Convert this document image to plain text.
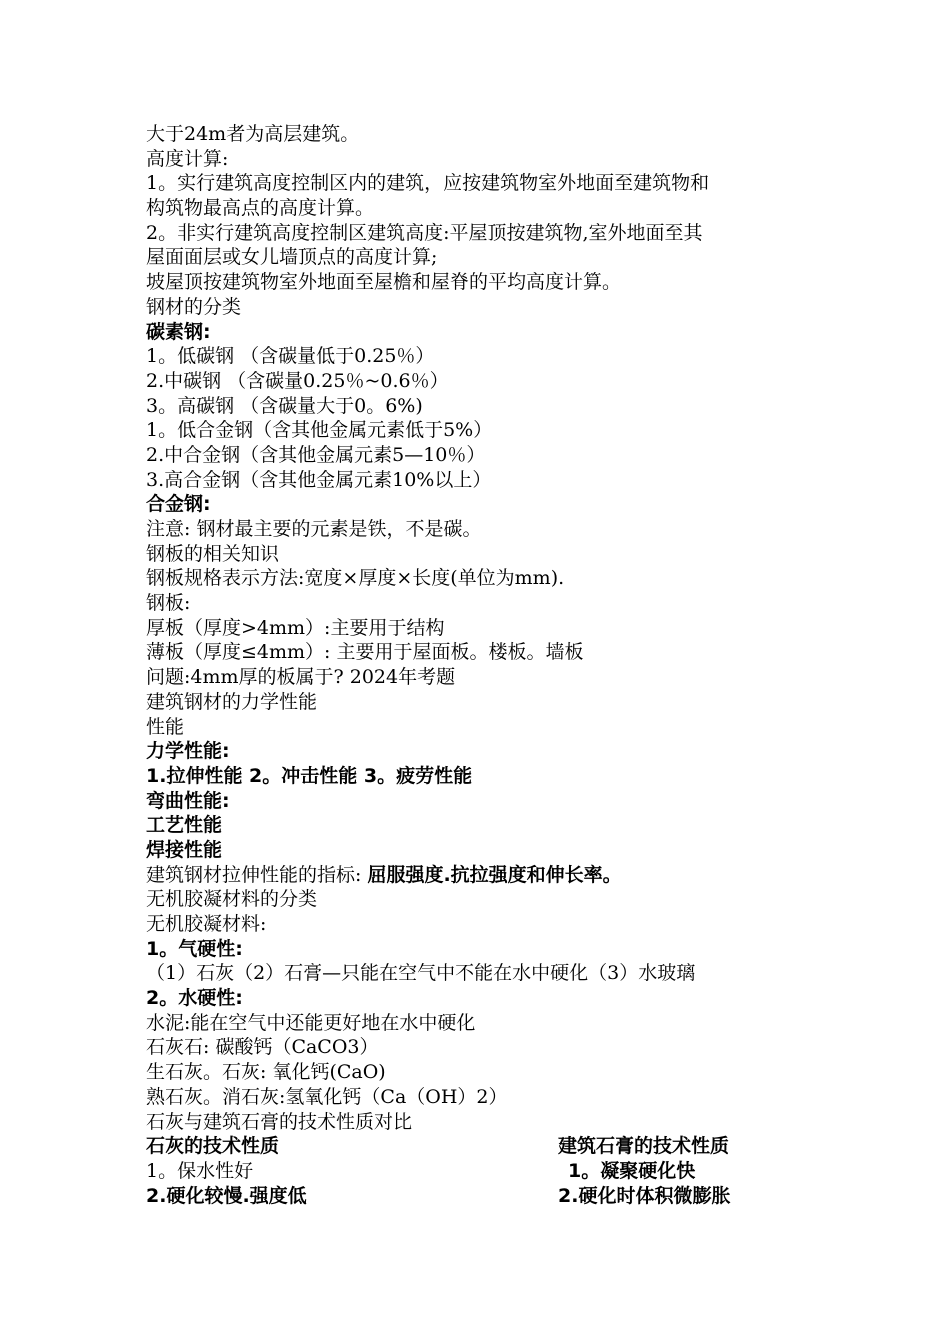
大于24m者为高层建筑。
高度计算:
1。实行建筑高度控制区内的建筑，应按建筑物室外地面至建筑物和
构筑物最高点的高度计算。
2。非实行建筑高度控制区建筑高度:平屋顶按建筑物,室外地面至其
屋面面层或女儿墙顶点的高度计算;
坡屋顶按建筑物室外地面至屋檐和屋脊的平均高度计算。
钢材的分类
碳素钢:
1。低碳钢 （含碳量低于0.25％）
2.中碳钢 （含碳量0.25％~0.6％）
3。高碳钢 （含碳量大于0。6%)
1。低合金钢（含其他金属元素低于5%）
2.中合金钢（含其他金属元素5—10％）
3.高合金钢（含其他金属元素10%以上）
合金钢:
注意: 钢材最主要的元素是铁，不是碳。
钢板的相关知识
钢板规格表示方法:宽度×厚度×长度(单位为mm).
钢板:
厚板（厚度>4mm）:主要用于结构
薄板（厚度≤4mm）: 主要用于屋面板。楼板。墙板
问题:4mm厚的板属于? 2024年考题
建筑钢材的力学性能
性能
力学性能:
1.拉伸性能 2。冲击性能 3。疲劳性能
弯曲性能:
工艺性能
焊接性能
建筑钢材拉伸性能的指标: 屈服强度.抗拉强度和伸长率。
无机胶凝材料的分类
无机胶凝材料:
1。气硬性:
（1）石灰（2）石膏—只能在空气中不能在水中硬化（3）水玻璃
2。水硬性:
水泥:能在空气中还能更好地在水中硬化
石灰石: 碳酸钙（CaCO3）
生石灰。石灰: 氧化钙(CaO)
熟石灰。消石灰:氢氧化钙（Ca（OH）2）
石灰与建筑石膏的技术性质对比
石灰的技术性质	建筑石膏的技术性质
1。保水性好	1。凝聚硬化快
2.硬化较慢.强度低	2.硬化时体积微膨胀
